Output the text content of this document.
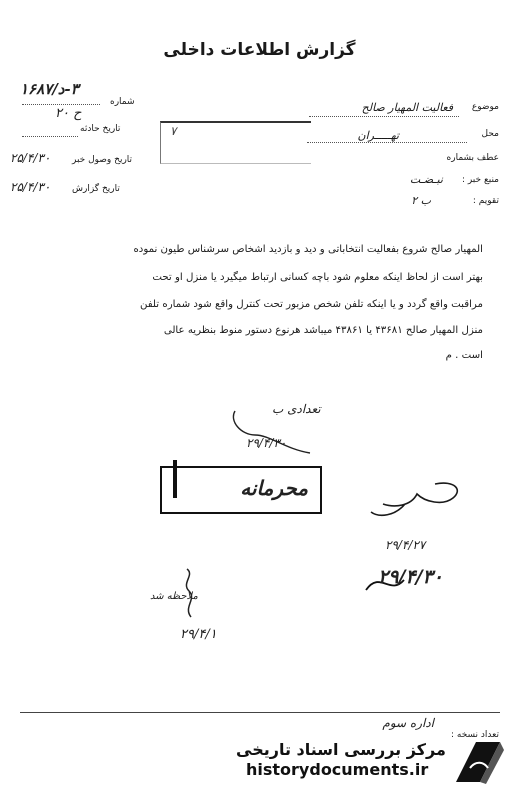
گزارش اطلاعات داخلی
موضوع
فعالیت المهیار صالح
محل
تهـــــران
عطف بشماره
منبع خبر :
نبـضـت
تقویم :
ب ۲
٧
۳-د/۱۶۸۷
شماره
ح ۲۰
تاریخ حادثه
تاریخ وصول خبر
۲۵/۴/۳۰
تاریخ گزارش
۲۵/۴/۳۰
المهیار صالح شروع بفعالیت انتخاباتی و دید و بازدید اشخاص سرشناس طیون نموده
بهتر است از لحاظ اینکه معلوم شود باچه کسانی ارتباط میگیرد یا منزل او تحت
مراقبت واقع گردد و یا اینکه تلفن شخص مزبور تحت کنترل واقع شود شماره تلفن
منزل المهیار صالح ۴۳۶۸۱ یا ۴۳۸۶۱ میباشد هرنوع دستور منوط بنظریه عالی
است . م
تعدادی‌ ب
۲۹/۴/۳۰
محرمانه
۲۹/۴/۲۷
۲۹/۴/۳۰
ملاحظه شد
۲۹/۴/۱
تعداد نسخه :
اداره سوم
مرکز بررسی اسناد تاریخی
historydocuments.ir
